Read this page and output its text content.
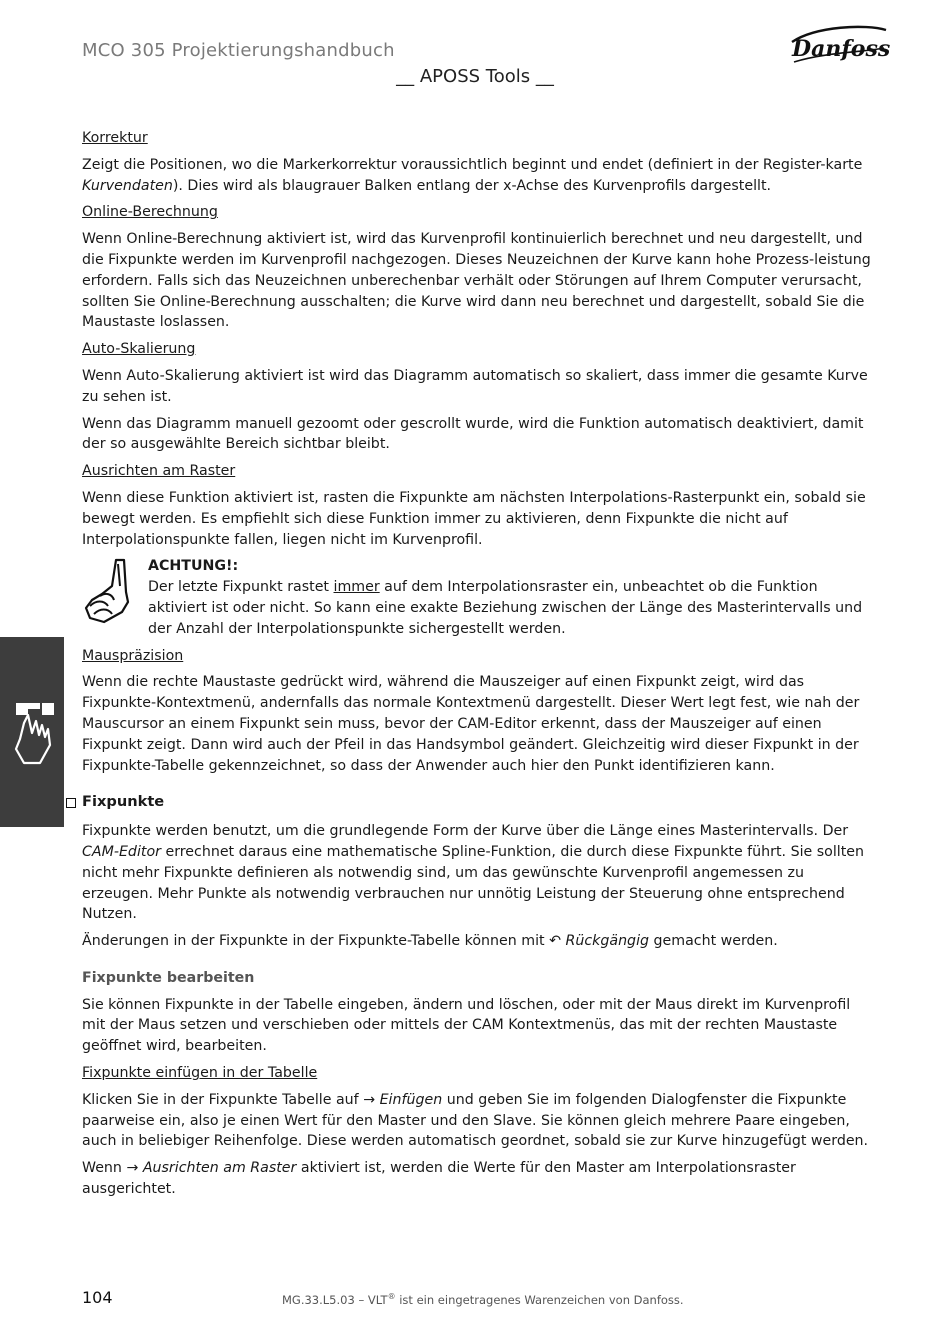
MCO 305 Projektierungshandbuch	Danfoss
__ APOSS Tools __

Korrektur

Zeigt die Positionen, wo die Markerkorrektur voraussichtlich beginnt und endet (definiert in der Register-karte Kurvendaten). Dies wird als blaugrauer Balken entlang der x-Achse des Kurvenprofils dargestellt.

Online-Berechnung

Wenn Online-Berechnung aktiviert ist, wird das Kurvenprofil kontinuierlich berechnet und neu dargestellt, und die Fixpunkte werden im Kurvenprofil nachgezogen. Dieses Neuzeichnen der Kurve kann hohe Prozess-leistung erfordern. Falls sich das Neuzeichnen unberechenbar verhält oder Störungen auf Ihrem Computer verursacht, sollten Sie Online-Berechnung ausschalten; die Kurve wird dann neu berechnet und dargestellt, sobald Sie die Maustaste loslassen.

Auto-Skalierung

Wenn Auto-Skalierung aktiviert ist wird das Diagramm automatisch so skaliert, dass immer die gesamte Kurve zu sehen ist.

Wenn das Diagramm manuell gezoomt oder gescrollt wurde, wird die Funktion automatisch deaktiviert, damit der so ausgewählte Bereich sichtbar bleibt.

Ausrichten am Raster

Wenn diese Funktion aktiviert ist, rasten die Fixpunkte am nächsten Interpolations-Rasterpunkt ein, sobald sie bewegt werden. Es empfiehlt sich diese Funktion immer zu aktivieren, denn Fixpunkte die nicht auf Interpolationspunkte fallen, liegen nicht im Kurvenprofil.

ACHTUNG!:
Der letzte Fixpunkt rastet immer auf dem Interpolationsraster ein, unbeachtet ob die Funktion aktiviert ist oder nicht. So kann eine exakte Beziehung zwischen der Länge des Masterintervalls und der Anzahl der Interpolationspunkte sichergestellt werden.

Mauspräzision

Wenn die rechte Maustaste gedrückt wird, während die Mauszeiger auf einen Fixpunkt zeigt, wird das Fixpunkte-Kontextmenü, andernfalls das normale Kontextmenü dargestellt. Dieser Wert legt fest, wie nah der Mauscursor an einem Fixpunkt sein muss, bevor der CAM-Editor erkennt, dass der Mauszeiger auf einen Fixpunkt zeigt. Dann wird auch der Pfeil in das Handsymbol geändert. Gleichzeitig wird dieser Fixpunkt in der Fixpunkte-Tabelle gekennzeichnet, so dass der Anwender auch hier den Punkt identifizieren kann.

Fixpunkte

Fixpunkte werden benutzt, um die grundlegende Form der Kurve über die Länge eines Masterintervalls. Der CAM-Editor errechnet daraus eine mathematische Spline-Funktion, die durch diese Fixpunkte führt. Sie sollten nicht mehr Fixpunkte definieren als notwendig sind, um das gewünschte Kurvenprofil angemessen zu erzeugen. Mehr Punkte als notwendig verbrauchen nur unnötig Leistung der Steuerung ohne entsprechend Nutzen.

Änderungen in der Fixpunkte in der Fixpunkte-Tabelle können mit ↶ Rückgängig gemacht werden.

Fixpunkte bearbeiten

Sie können Fixpunkte in der Tabelle eingeben, ändern und löschen, oder mit der Maus direkt im Kurvenprofil mit der Maus setzen und verschieben oder mittels der CAM Kontextmenüs, das mit der rechten Maustaste geöffnet wird, bearbeiten.

Fixpunkte einfügen in der Tabelle

Klicken Sie in der Fixpunkte Tabelle auf → Einfügen und geben Sie im folgenden Dialogfenster die Fixpunkte paarweise ein, also je einen Wert für den Master und den Slave. Sie können gleich mehrere Paare eingeben, auch in beliebiger Reihenfolge. Diese werden automatisch geordnet, sobald sie zur Kurve hinzugefügt werden.

Wenn → Ausrichten am Raster aktiviert ist, werden die Werte für den Master am Interpolationsraster ausgerichtet.

104	MG.33.L5.03 – VLT® ist ein eingetragenes Warenzeichen von Danfoss.
